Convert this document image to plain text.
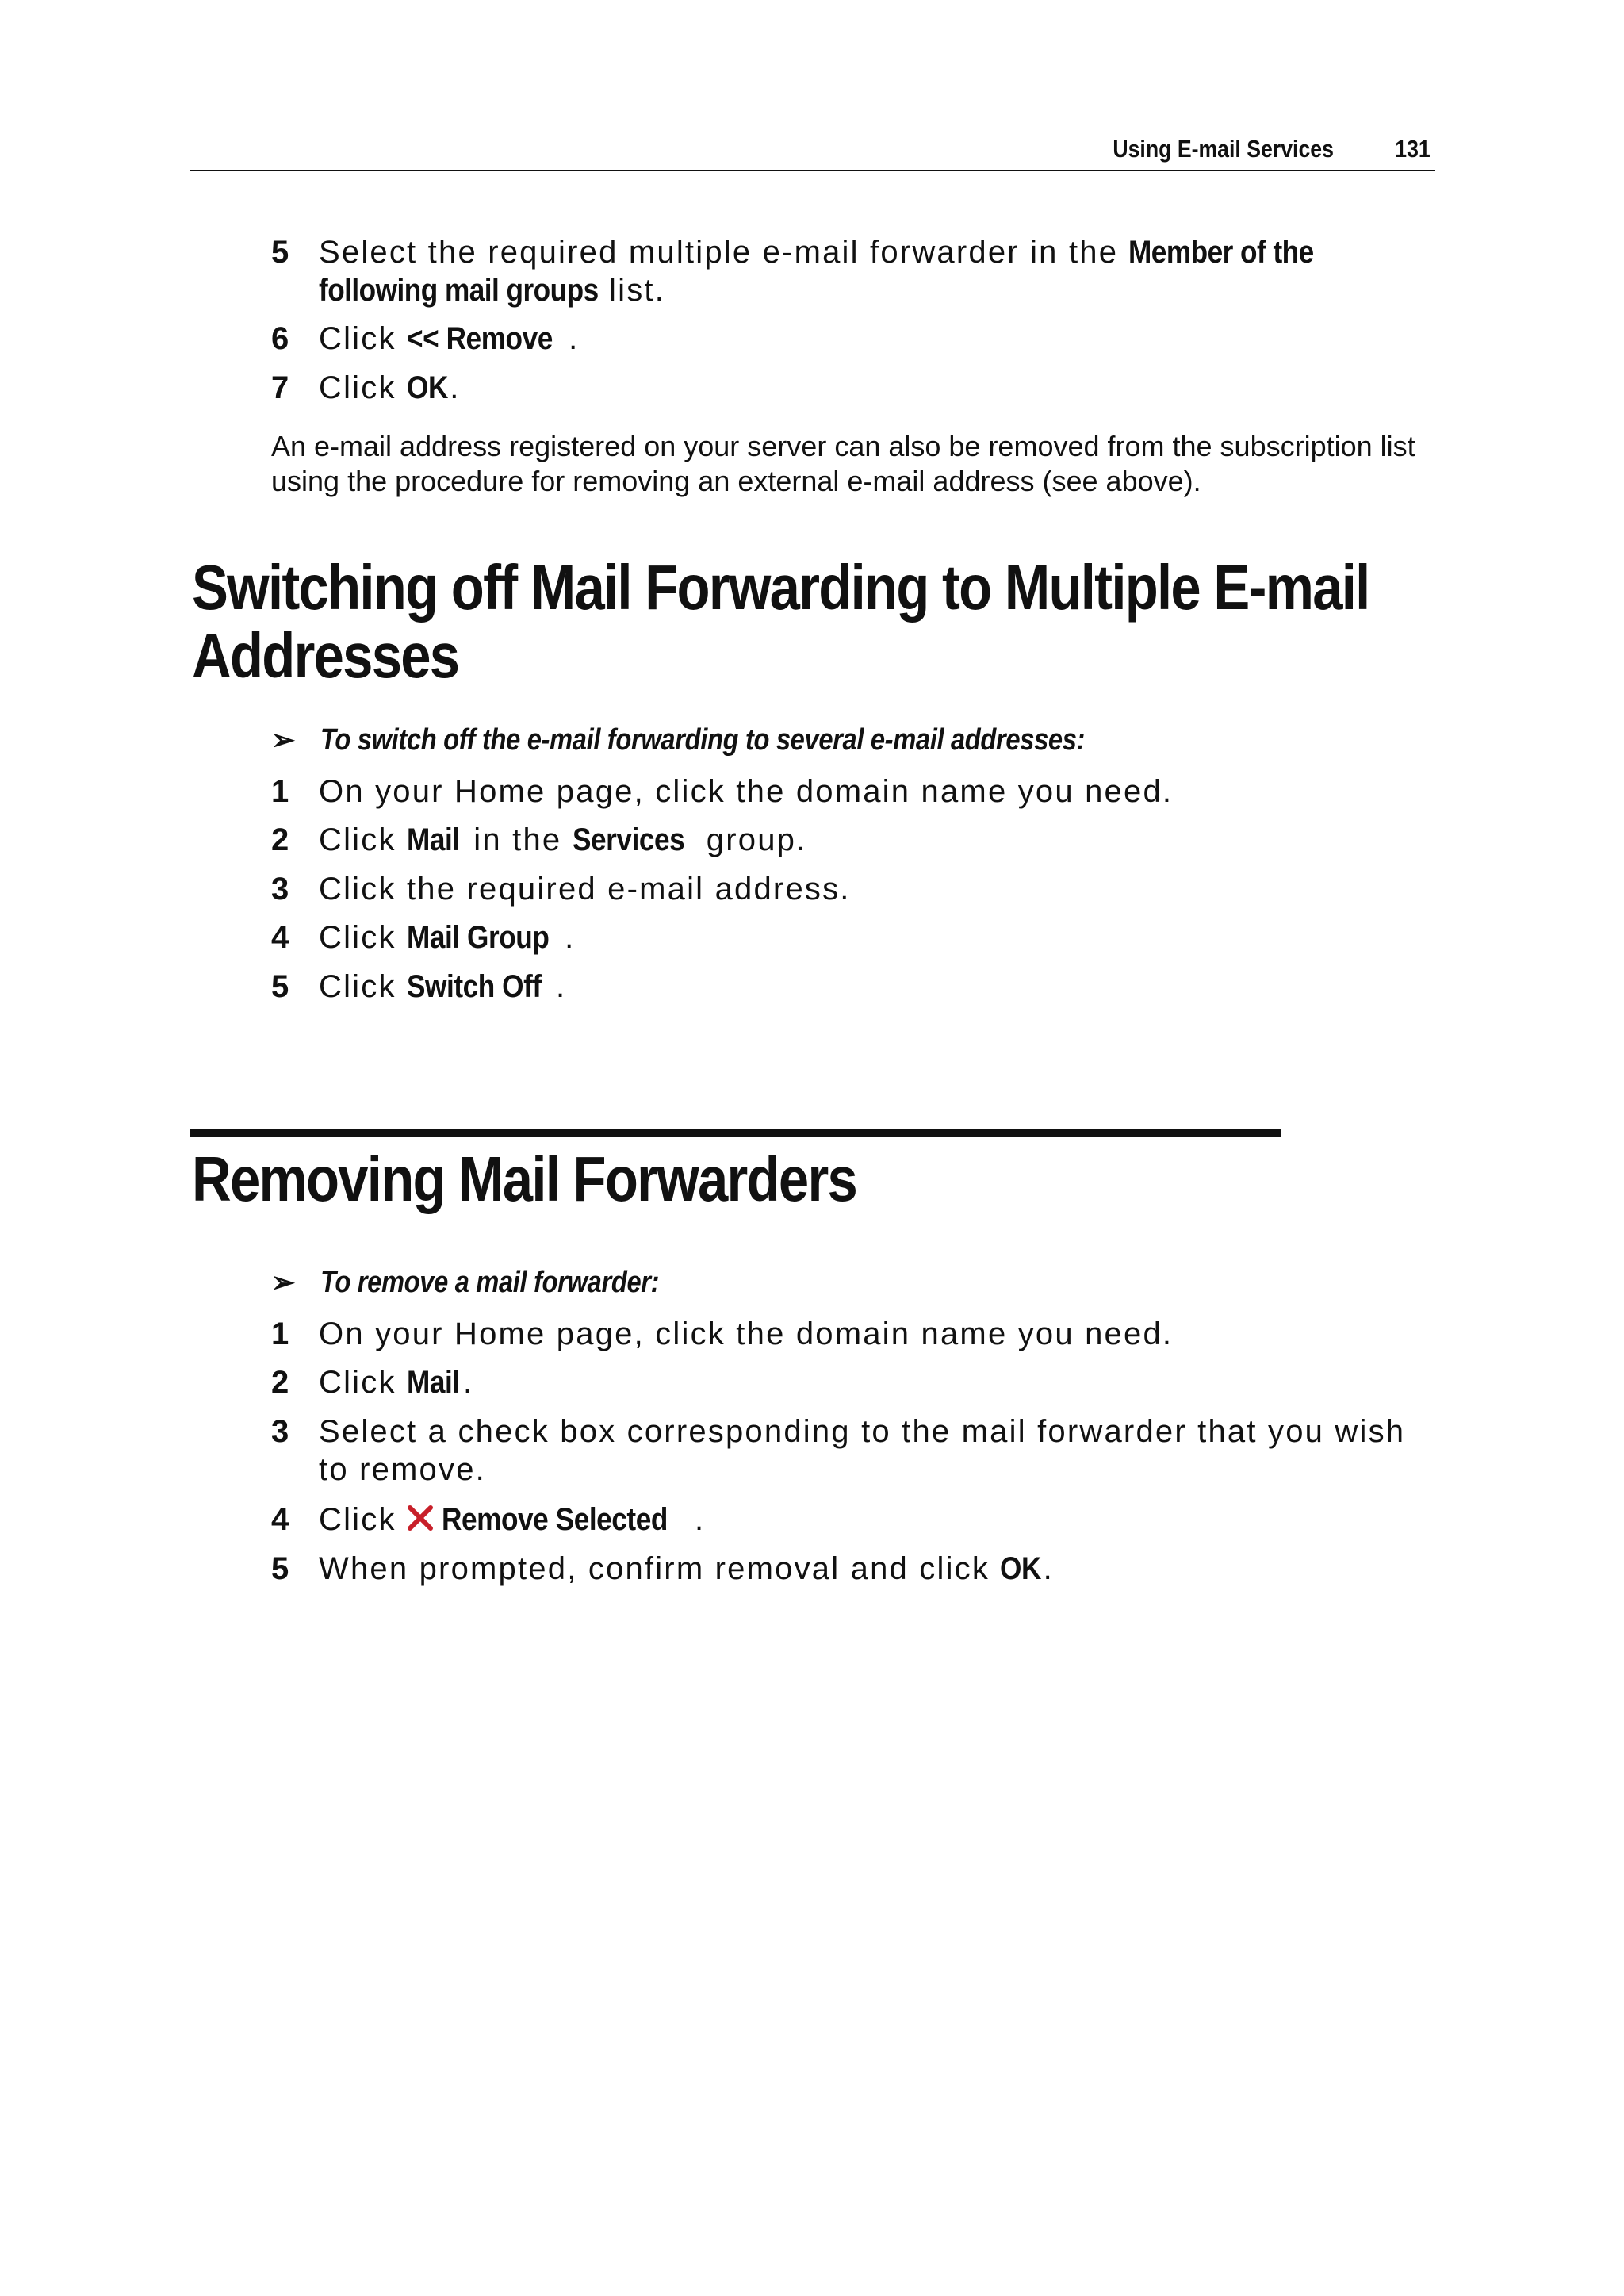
Using E-mail Services	131
5 Select the required multiple e-mail forwarder in the Member of the
following mail groups list.
6 Click << Remove .
7 Click OK.
An e-mail address registered on your server can also be removed from the subscription list using the procedure for removing an external e-mail address (see above).
Switching off Mail Forwarding to Multiple E-mail
Addresses
➢ To switch off the e-mail forwarding to several e-mail addresses:
1 On your Home page, click the domain name you need.
2 Click Mail in the Services group.
3 Click the required e-mail address.
4 Click Mail Group .
5 Click Switch Off .
Removing Mail Forwarders
➢ To remove a mail forwarder:
1 On your Home page, click the domain name you need.
2 Click Mail .
3 Select a check box corresponding to the mail forwarder that you wish to remove.
4 Click Remove Selected .
5 When prompted, confirm removal and click OK.
